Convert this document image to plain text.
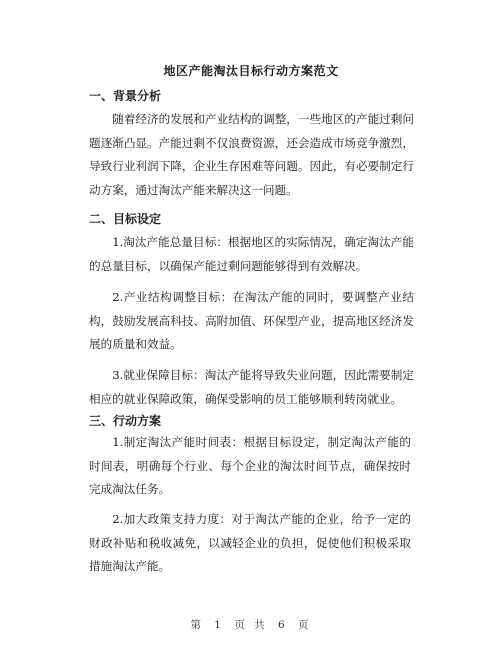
地区产能淘汰目标行动方案范文
一、背景分析
随着经济的发展和产业结构的调整，一些地区的产能过剩问题逐渐凸显。产能过剩不仅浪费资源，还会造成市场竞争激烈，导致行业利润下降，企业生存困难等问题。因此，有必要制定行动方案，通过淘汰产能来解决这一问题。
二、目标设定
1.淘汰产能总量目标：根据地区的实际情况，确定淘汰产能的总量目标，以确保产能过剩问题能够得到有效解决。
2.产业结构调整目标：在淘汰产能的同时，要调整产业结构，鼓励发展高科技、高附加值、环保型产业，提高地区经济发展的质量和效益。
3.就业保障目标：淘汰产能将导致失业问题，因此需要制定相应的就业保障政策，确保受影响的员工能够顺利转岗就业。
三、行动方案
1.制定淘汰产能时间表：根据目标设定，制定淘汰产能的时间表，明确每个行业、每个企业的淘汰时间节点，确保按时完成淘汰任务。
2.加大政策支持力度：对于淘汰产能的企业，给予一定的财政补贴和税收减免，以减轻企业的负担，促使他们积极采取措施淘汰产能。
第 1 页 共 6 页
